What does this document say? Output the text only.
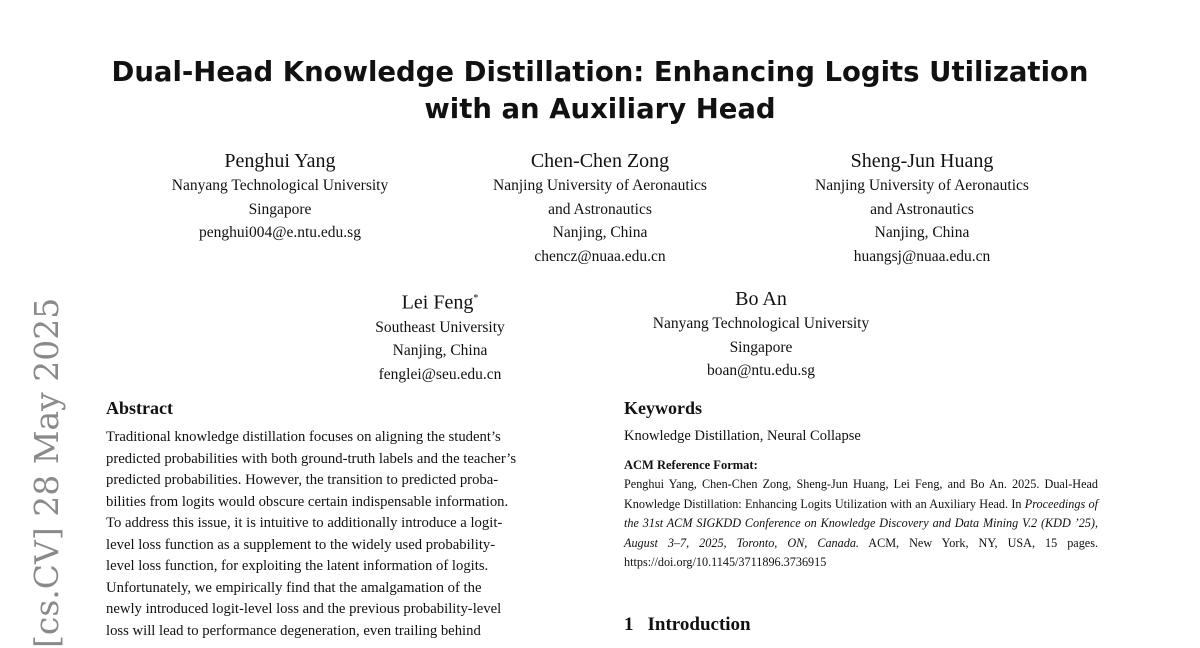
[cs.CV] 28 May 2025
Dual-Head Knowledge Distillation: Enhancing Logits Utilization
with an Auxiliary Head
Penghui Yang
Nanyang Technological University
Singapore
penghui004@e.ntu.edu.sg
Chen-Chen Zong
Nanjing University of Aeronautics
and Astronautics
Nanjing, China
chencz@nuaa.edu.cn
Sheng-Jun Huang
Nanjing University of Aeronautics
and Astronautics
Nanjing, China
huangsj@nuaa.edu.cn
Lei Feng*
Southeast University
Nanjing, China
fenglei@seu.edu.cn
Bo An
Nanyang Technological University
Singapore
boan@ntu.edu.sg
Abstract
Traditional knowledge distillation focuses on aligning the student’s
predicted probabilities with both ground-truth labels and the teacher’s
predicted probabilities. However, the transition to predicted proba-
bilities from logits would obscure certain indispensable information.
To address this issue, it is intuitive to additionally introduce a logit-
level loss function as a supplement to the widely used probability-
level loss function, for exploiting the latent information of logits.
Unfortunately, we empirically find that the amalgamation of the
newly introduced logit-level loss and the previous probability-level
loss will lead to performance degeneration, even trailing behind
Keywords
Knowledge Distillation, Neural Collapse
ACM Reference Format:
Penghui Yang, Chen-Chen Zong, Sheng-Jun Huang, Lei Feng, and Bo An. 2025. Dual-Head Knowledge Distillation: Enhancing Logits Utilization with an Auxiliary Head. In Proceedings of the 31st ACM SIGKDD Conference on Knowledge Discovery and Data Mining V.2 (KDD ’25), August 3–7, 2025, Toronto, ON, Canada. ACM, New York, NY, USA, 15 pages. https://doi.org/10.1145/3711896.3736915
1 Introduction
